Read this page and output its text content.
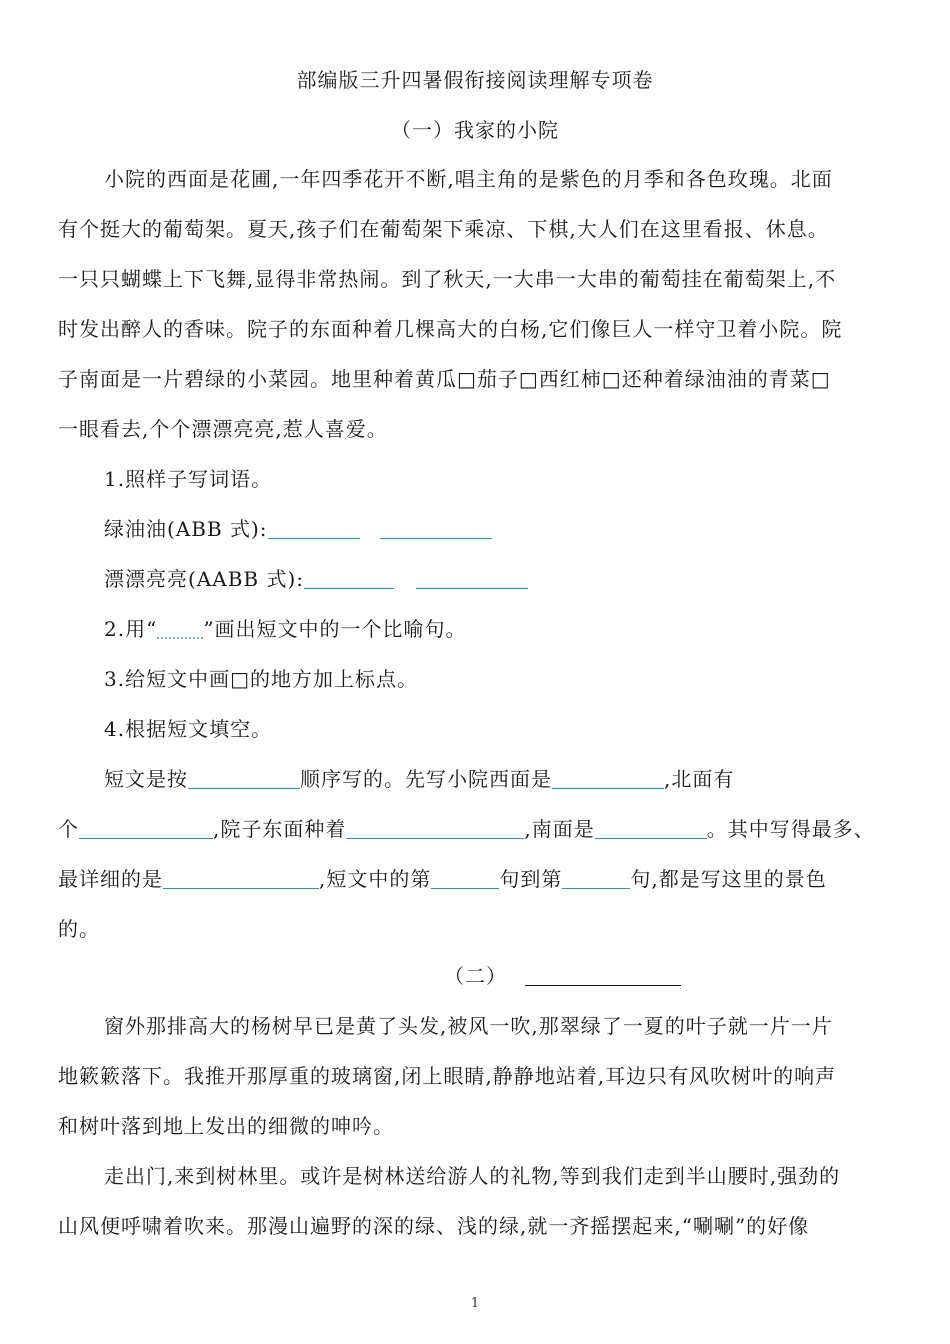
部编版三升四暑假衔接阅读理解专项卷
（一）我家的小院
小院的西面是花圃,一年四季花开不断,唱主角的是紫色的月季和各色玫瑰。北面
有个挺大的葡萄架。夏天,孩子们在葡萄架下乘凉、下棋,大人们在这里看报、休息。
一只只蝴蝶上下飞舞,显得非常热闹。到了秋天,一大串一大串的葡萄挂在葡萄架上,不
时发出醉人的香味。院子的东面种着几棵高大的白杨,它们像巨人一样守卫着小院。院
子南面是一片碧绿的小菜园。地里种着黄瓜□茄子□西红柿□还种着绿油油的青菜□
一眼看去,个个漂漂亮亮,惹人喜爱。
1.照样子写词语。
绿油油(ABB 式):
漂漂亮亮(AABB 式):
2.用“ ”画出短文中的一个比喻句。
3.给短文中画□的地方加上标点。
4.根据短文填空。
短文是按	顺序写的。先写小院西面是	,北面有
个	,院子东面种着	,南面是	。其中写得最多、
最详细的是	,短文中的第	句到第	句,都是写这里的景色
的。
（二）
窗外那排高大的杨树早已是黄了头发,被风一吹,那翠绿了一夏的叶子就一片一片
地簌簌落下。我推开那厚重的玻璃窗,闭上眼睛,静静地站着,耳边只有风吹树叶的响声
和树叶落到地上发出的细微的呻吟。
走出门,来到树林里。或许是树林送给游人的礼物,等到我们走到半山腰时,强劲的
山风便呼啸着吹来。那漫山遍野的深的绿、浅的绿,就一齐摇摆起来,“唰唰”的好像
1
